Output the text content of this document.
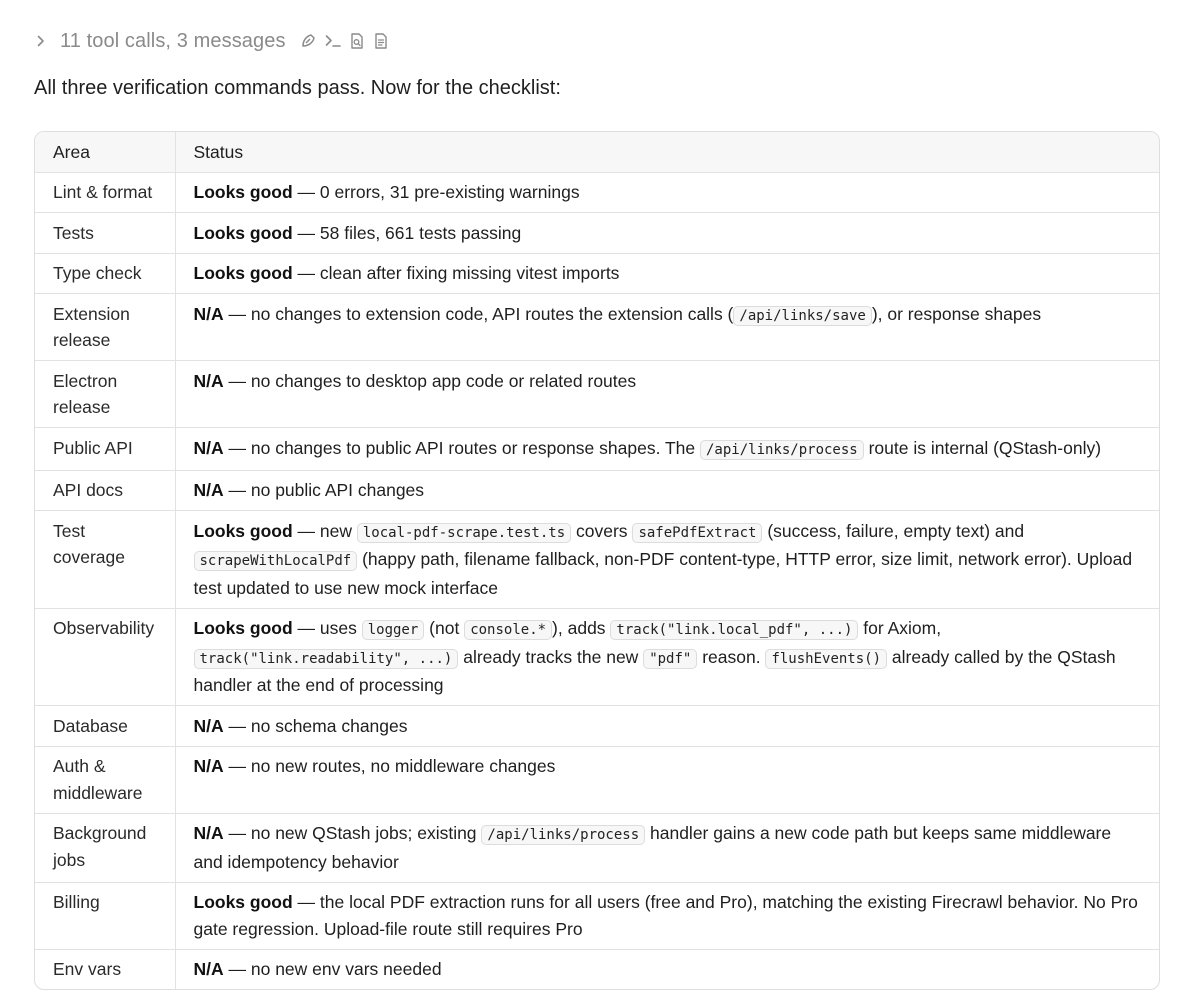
11 tool calls, 3 messages

All three verification commands pass. Now for the checklist:

Area	Status
Lint & format	Looks good — 0 errors, 31 pre-existing warnings
Tests	Looks good — 58 files, 661 tests passing
Type check	Looks good — clean after fixing missing vitest imports
Extension release	N/A — no changes to extension code, API routes the extension calls ( /api/links/save ), or response shapes
Electron release	N/A — no changes to desktop app code or related routes
Public API	N/A — no changes to public API routes or response shapes. The /api/links/process route is internal (QStash-only)
API docs	N/A — no public API changes
Test coverage	Looks good — new local-pdf-scrape.test.ts covers safePdfExtract (success, failure, empty text) and scrapeWithLocalPdf (happy path, filename fallback, non-PDF content-type, HTTP error, size limit, network error). Upload test updated to use new mock interface
Observability	Looks good — uses logger (not console.* ), adds track("link.local_pdf", ...) for Axiom, track("link.readability", ...) already tracks the new "pdf" reason. flushEvents() already called by the QStash handler at the end of processing
Database	N/A — no schema changes
Auth & middleware	N/A — no new routes, no middleware changes
Background jobs	N/A — no new QStash jobs; existing /api/links/process handler gains a new code path but keeps same middleware and idempotency behavior
Billing	Looks good — the local PDF extraction runs for all users (free and Pro), matching the existing Firecrawl behavior. No Pro gate regression. Upload-file route still requires Pro
Env vars	N/A — no new env vars needed
